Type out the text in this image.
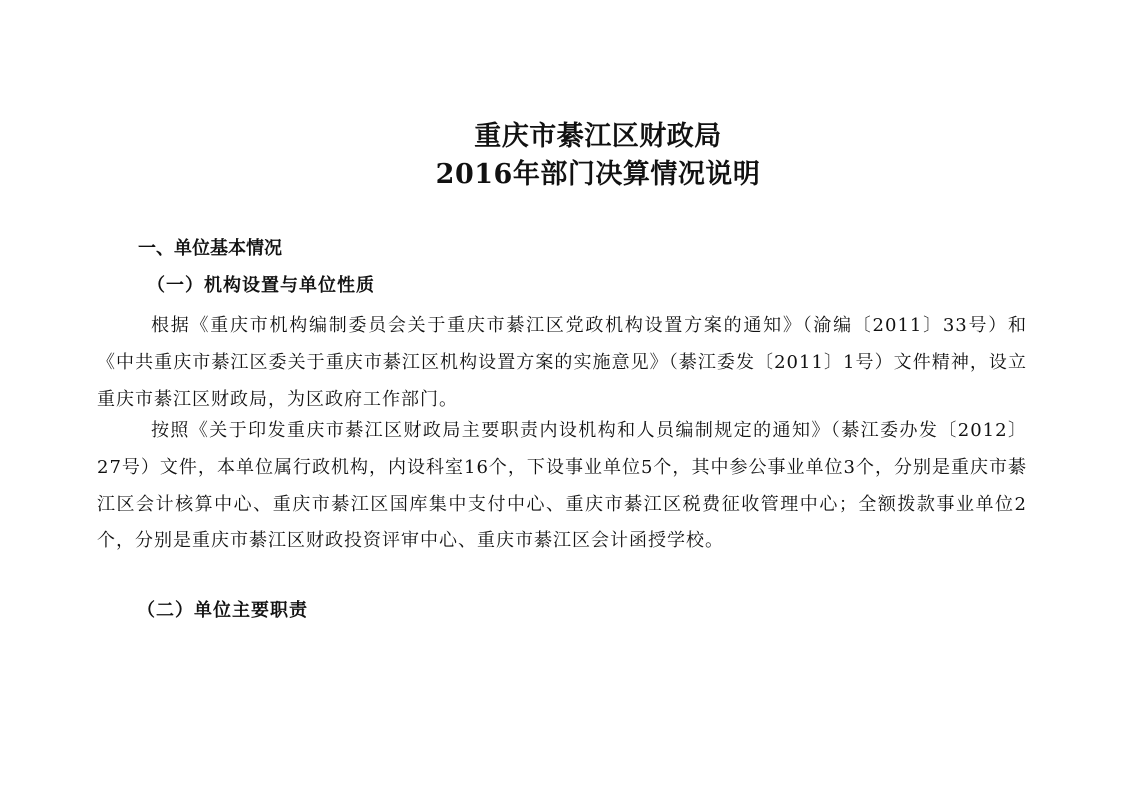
重庆市綦江区财政局
2016年部门决算情况说明
一、单位基本情况
（一）机构设置与单位性质

根据《重庆市机构编制委员会关于重庆市綦江区党政机构设置方案的通知》（渝编〔2011〕33号）和《中共重庆市綦江区委关于重庆市綦江区机构设置方案的实施意见》（綦江委发〔2011〕1号）文件精神，设立重庆市綦江区财政局，为区政府工作部门。

按照《关于印发重庆市綦江区财政局主要职责内设机构和人员编制规定的通知》（綦江委办发〔2012〕27号）文件，本单位属行政机构，内设科室16个，下设事业单位5个，其中参公事业单位3个，分别是重庆市綦江区会计核算中心、重庆市綦江区国库集中支付中心、重庆市綦江区税费征收管理中心；全额拨款事业单位2个，分别是重庆市綦江区财政投资评审中心、重庆市綦江区会计函授学校。

（二）单位主要职责
